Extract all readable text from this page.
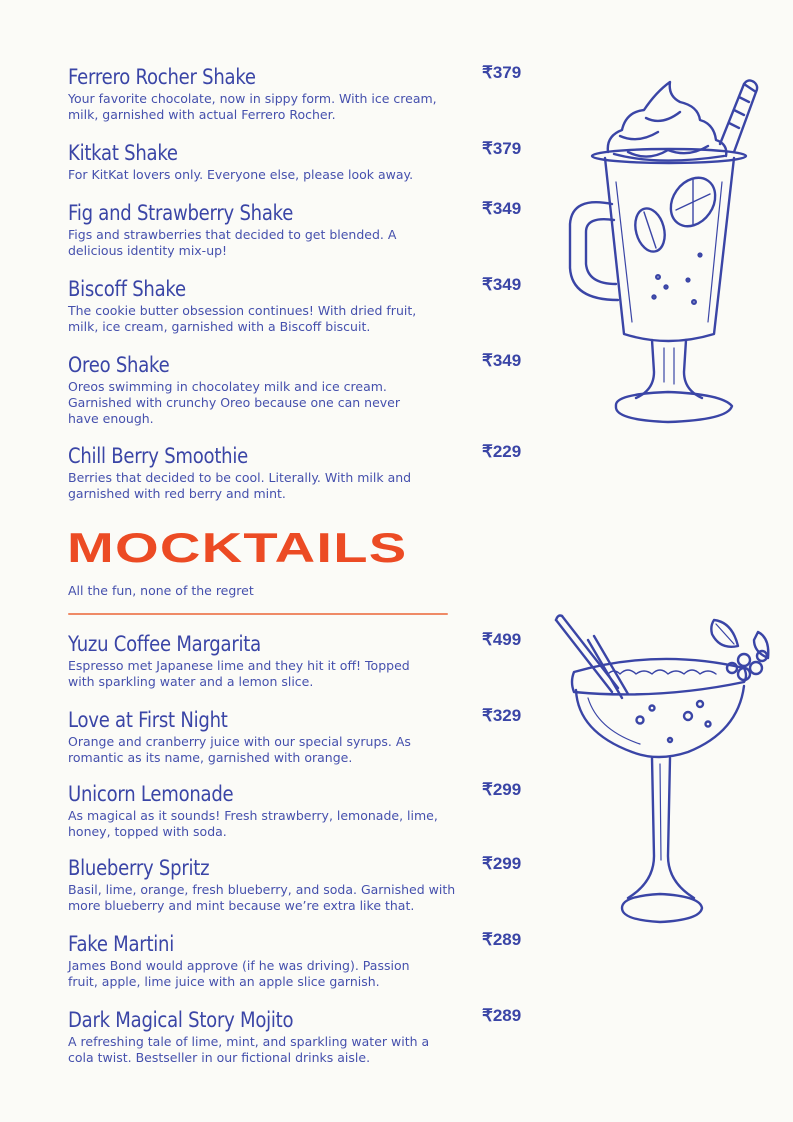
Ferrero Rocher Shake	₹379
Your favorite chocolate, now in sippy form. With ice cream, milk, garnished with actual Ferrero Rocher.
Kitkat Shake	₹379
For KitKat lovers only. Everyone else, please look away.
Fig and Strawberry Shake	₹349
Figs and strawberries that decided to get blended. A delicious identity mix-up!
Biscoff Shake	₹349
The cookie butter obsession continues! With dried fruit, milk, ice cream, garnished with a Biscoff biscuit.
Oreo Shake	₹349
Oreos swimming in chocolatey milk and ice cream. Garnished with crunchy Oreo because one can never have enough.
Chill Berry Smoothie	₹229
Berries that decided to be cool. Literally. With milk and garnished with red berry and mint.
MOCKTAILS
All the fun, none of the regret
Yuzu Coffee Margarita	₹499
Espresso met Japanese lime and they hit it off! Topped with sparkling water and a lemon slice.
Love at First Night	₹329
Orange and cranberry juice with our special syrups. As romantic as its name, garnished with orange.
Unicorn Lemonade	₹299
As magical as it sounds! Fresh strawberry, lemonade, lime, honey, topped with soda.
Blueberry Spritz	₹299
Basil, lime, orange, fresh blueberry, and soda. Garnished with more blueberry and mint because we’re extra like that.
Fake Martini	₹289
James Bond would approve (if he was driving). Passion fruit, apple, lime juice with an apple slice garnish.
Dark Magical Story Mojito	₹289
A refreshing tale of lime, mint, and sparkling water with a cola twist. Bestseller in our fictional drinks aisle.
